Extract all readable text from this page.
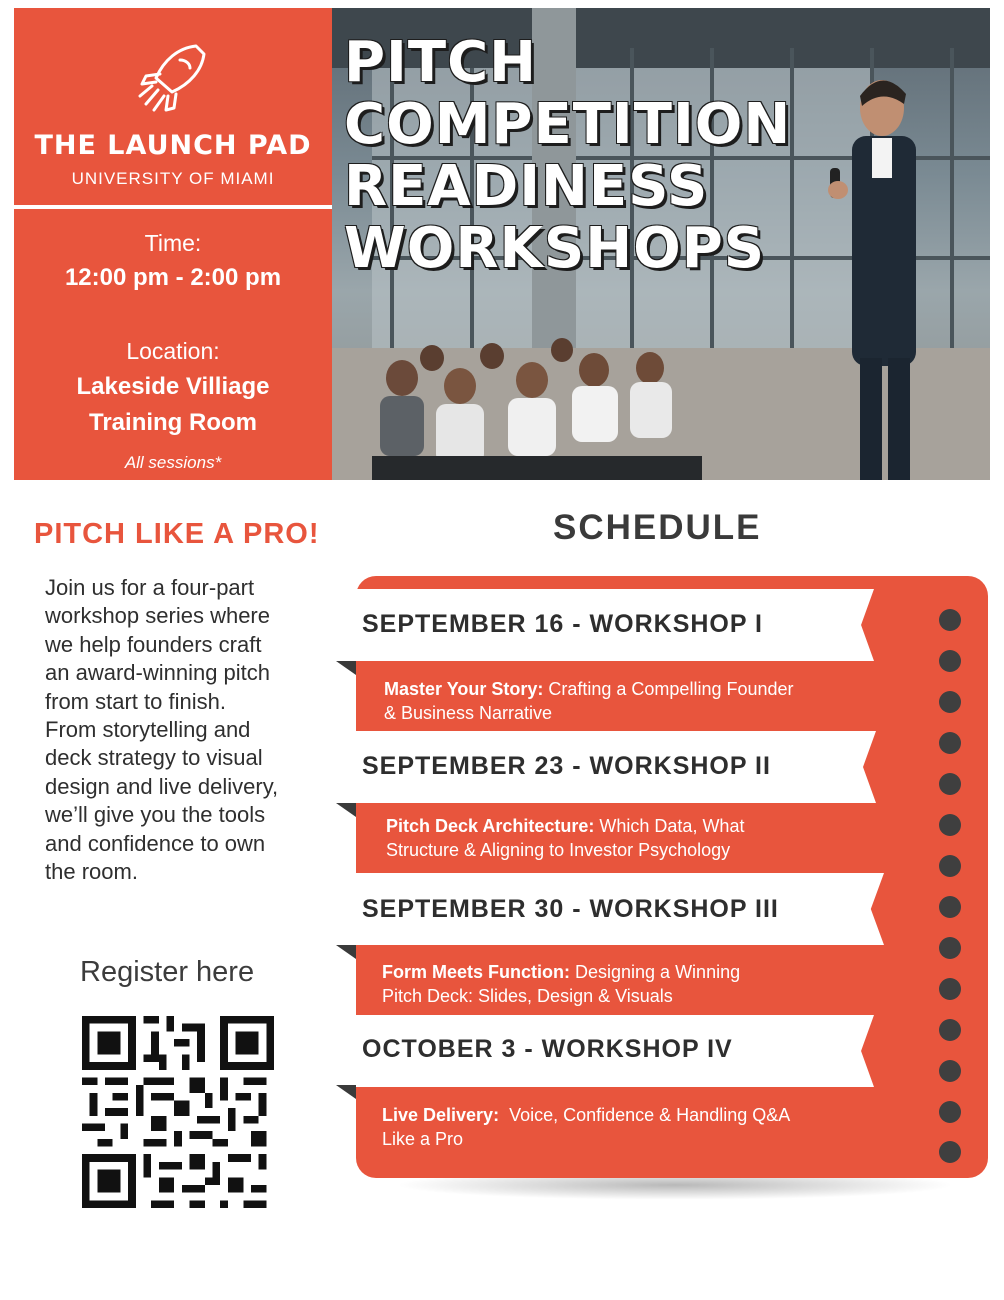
THE LAUNCH PAD
UNIVERSITY OF MIAMI
Time:
12:00 pm - 2:00 pm
Location:
Lakeside Villiage
Training Room
All sessions*
PITCH
COMPETITION
READINESS
WORKSHOPS
PITCH LIKE A PRO!
Join us for a four-part
workshop series where
we help founders craft
an award-winning pitch
from start to finish.
From storytelling and
deck strategy to visual
design and live delivery,
we’ll give you the tools
and confidence to own
the room.
Register here
SCHEDULE
SEPTEMBER 16 - WORKSHOP I
Master Your Story: Crafting a Compelling Founder
& Business Narrative
SEPTEMBER 23 - WORKSHOP II
Pitch Deck Architecture: Which Data, What
Structure & Aligning to Investor Psychology
SEPTEMBER 30 - WORKSHOP III
Form Meets Function: Designing a Winning
Pitch Deck: Slides, Design & Visuals
OCTOBER 3 - WORKSHOP IV
Live Delivery:  Voice, Confidence & Handling Q&A
Like a Pro
